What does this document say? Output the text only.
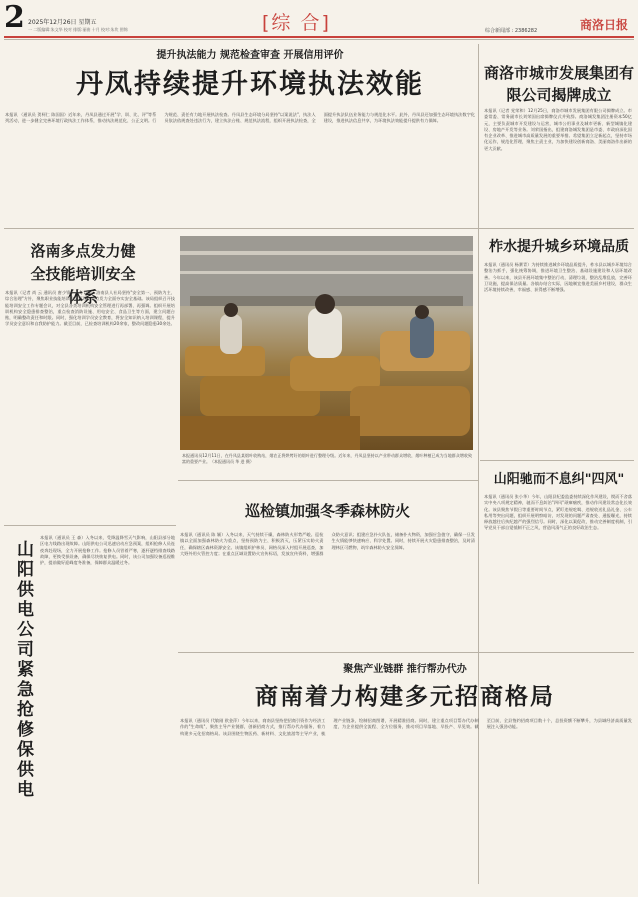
2 2025年12月26日 星期五
一 二版编辑:朱文华 校对 排版:丽曲 十月 校对:朱坎 图锦	[综 合]	综合新闻部 : 2386282	商洛日报
提升执法能力 规范检查审查 开展信用评价
丹凤持续提升环境执法效能
本报讯 （通讯员 贺柯仁 陈国国）近年来，丹凤县通过开展"学、训、比、评"等系列活动，进一步健全完善环境行政执法工作体系，推动执法规范化、公正文明。行为规范、责任有力地开展执法检查。丹凤县生态环境分局坚持"以案说法"，执法人员依法依规查处违法行为，建立执法台账、规范执法流程，组织开展执法检查，全面提升执法队伍业务能力与规范化水平。此外，丹凤县还加强生态环境执法数字化建设，推进执法信息共享，为环境执法效能提升提供有力保障。
商洛市城市发展集团有限公司揭牌成立
本报讯（记者 党荣和）12月25日，商洛市城市发展集团有限公司揭牌成立。市委常委、常务副市长刘荣国出席揭牌仪式并致辞。商洛城发集团注册资本50亿元，主要负责城市开发建设与运营，城市公用事业及城市更新、新型城镇化建设、房地产开发等业务。刘荣国指出，组建商洛城发集团是市委、市政府深化国有企业改革、推进城市高质量发展的重要举措。希望集团立足新起点，坚持市场化运作，规范化管理，聚焦主责主业，为加快建设创新商洛、美丽商洛作出新的更大贡献。
洛南多点发力健全技能培训安全体系
本报讯（记者 尚 云 通讯员 唐少锋）入冬以来，洛南县人社局坚持"安全第一、预防为主、综合治理"方针，聚焦职业技能培训安全管理，多点发力全面夯实安全基础。该局组织召开技能培训安全工作专题会议，对全县各类培训机构安全管理进行再部署、再强调。组织开展培训机构安全隐患排查整治，重点检查消防设施、用电安全、食品卫生等方面，建立问题台账，明确整改责任和时限。同时，强化培训学员安全教育，将安全知识纳入培训课程，提升学员安全意识和自我防护能力。截至目前，已检查培训机构20余家，整改问题隐患30余处。
本报通讯员12月11日，在丹凤县某烟叶收购站，烟农正将烘烤好的烟叶进行整理分级。近年来，丹凤县坚持以产业带动群众增收，烟叶种植已成为当地群众增收致富的重要产业。（本报通讯员 华 进 摄）
柞水提升城乡环境品质
本报讯（通讯员 杨赛青）为持续推进城乡环境品质提升，柞水县以城乡环境综合整治为抓手，强化统筹协调，推进环境卫生整治、基础设施建设和人居环境改善。今年以来，该县开展环境集中整治行动，清理垃圾、整治乱堆乱放，完善环卫设施，提高保洁质量。各镇办结合实际，因地制宜推进美丽乡村建设，群众生活环境持续改善，幸福感、获得感不断增强。
巡检镇加强冬季森林防火
本报讯（通讯员 陈 颖）入冬以来，天气持续干燥，森林防火形势严峻。巡检镇以全面加强森林防火为重点，坚持预防为主、积极消灭，压紧压实防火责任，确保辖区森林资源安全。该镇组织护林员、网格员深入村组开展巡查，加大野外用火管控力度；在重点区域设置防火宣传标语，发放宣传资料，增强群众防火意识；组建应急扑火队伍，储备扑火物资，加强应急值守，确保一旦发生火情能够快速响应、科学处置。同时，持续开展火灾隐患排查整治，及时清理林区可燃物，筑牢森林防火安全屏障。
山阳驰而不息纠"四风"
本报讯（通讯员 张小华）今年，山阳县纪委监委持续深化作风建设，锲而不舍落实中央八项规定精神，驰而不息纠治"四风"顽瘴痼疾，推动作风建设常态化长效化。该县聚焦节假日等重要时间节点，紧盯违规吃喝、违规收送礼品礼金、公车私用等突出问题，组织开展明察暗访，对发现的问题严肃查处、通报曝光，持续释放越往后执纪越严的强烈信号。同时，深化以案促改，推动完善制度机制，引导党员干部自觉抵制不正之风，营造风清气正的良好政治生态。
山阳供电公司紧急抢修保供电
本报讯（通讯员 王 森）入冬以来，受降温降雪天气影响，山阳县部分地区电力线路出现故障。山阳供电公司迅速启动应急预案，组织抢修人员连夜奔赴现场，全力开展抢修工作。抢修人员冒着严寒，逐杆逐档排查线路故障，更换受损设备，确保尽快恢复供电。同时，该公司加强设备巡视维护，提前做好迎峰度冬准备，保障群众温暖过冬。
聚焦产业链群 推行帮办代办
商南着力构建多元招商格局
本报讯（通讯员 代敏刚 欧金萍）今年以来，商南县坚持把招商引资作为经济工作的"生命线"，聚焦主导产业链群，创新招商方式，推行帮办代办服务，着力构建多元化招商格局。该县围绕生物医药、新材料、文化旅游等主导产业，梳理产业链条，绘制招商图谱，开展精准招商。同时，建立重点项目帮办代办制度，为企业提供全流程、全方位服务，推动项目早落地、早投产、早见效。截至目前，全县签约招商项目数十个，总投资额不断攀升，为县域经济高质量发展注入强劲动能。
